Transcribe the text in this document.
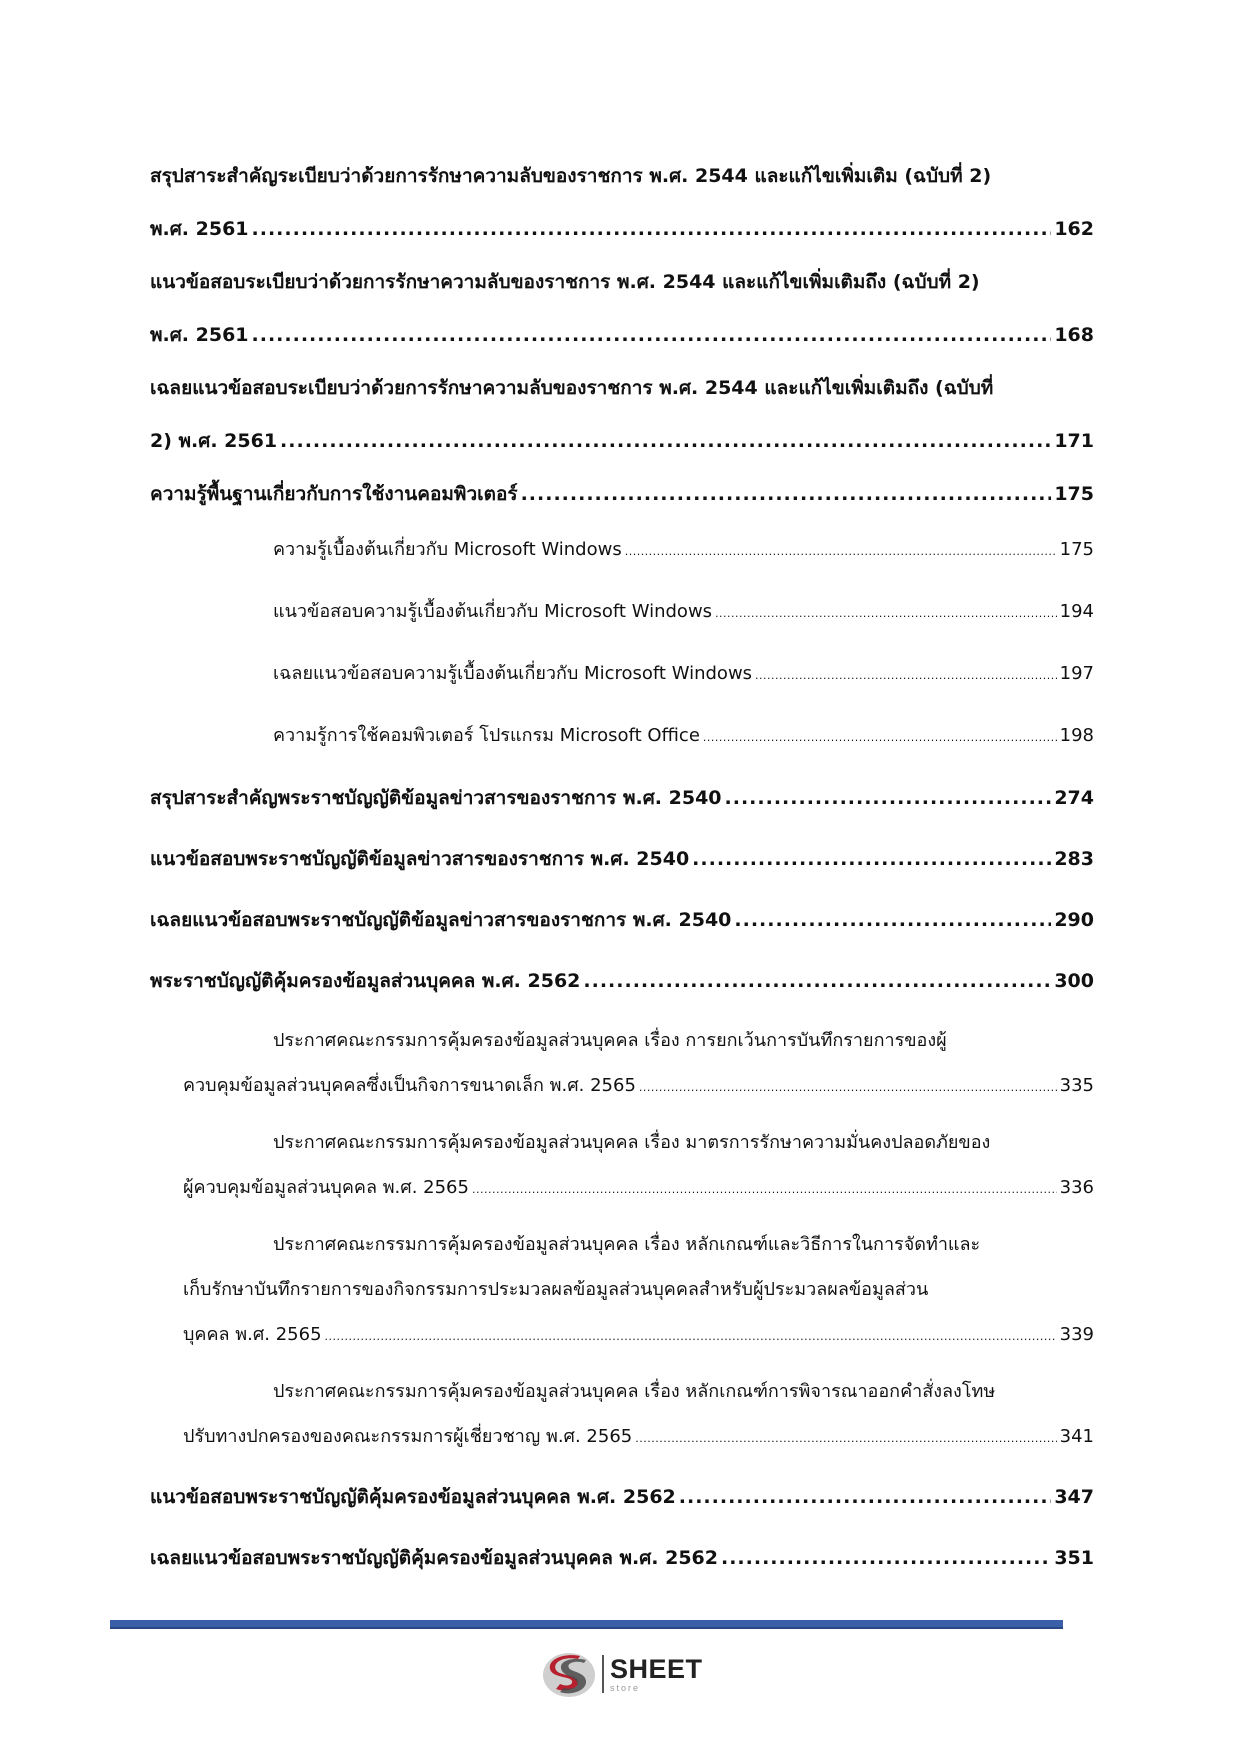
สรุปสาระสำคัญระเบียบว่าด้วยการรักษาความลับของราชการ พ.ศ. 2544 และแก้ไขเพิ่มเติม (ฉบับที่ 2)
พ.ศ. 2561 .....	162
แนวข้อสอบระเบียบว่าด้วยการรักษาความลับของราชการ พ.ศ. 2544 และแก้ไขเพิ่มเติมถึง (ฉบับที่ 2)
พ.ศ. 2561 .....	168
เฉลยแนวข้อสอบระเบียบว่าด้วยการรักษาความลับของราชการ พ.ศ. 2544 และแก้ไขเพิ่มเติมถึง (ฉบับที่
2) พ.ศ. 2561 .....	171
ความรู้พื้นฐานเกี่ยวกับการใช้งานคอมพิวเตอร์ .....	175
ความรู้เบื้องต้นเกี่ยวกับ Microsoft Windows .....	175
แนวข้อสอบความรู้เบื้องต้นเกี่ยวกับ Microsoft Windows .....	194
เฉลยแนวข้อสอบความรู้เบื้องต้นเกี่ยวกับ Microsoft Windows .....	197
ความรู้การใช้คอมพิวเตอร์ โปรแกรม Microsoft Office .....	198
สรุปสาระสำคัญพระราชบัญญัติข้อมูลข่าวสารของราชการ พ.ศ. 2540 .....	274
แนวข้อสอบพระราชบัญญัติข้อมูลข่าวสารของราชการ พ.ศ. 2540 .....	283
เฉลยแนวข้อสอบพระราชบัญญัติข้อมูลข่าวสารของราชการ พ.ศ. 2540 .....	290
พระราชบัญญัติคุ้มครองข้อมูลส่วนบุคคล พ.ศ. 2562 .....	300
ประกาศคณะกรรมการคุ้มครองข้อมูลส่วนบุคคล เรื่อง การยกเว้นการบันทึกรายการของผู้
ควบคุมข้อมูลส่วนบุคคลซึ่งเป็นกิจการขนาดเล็ก พ.ศ. 2565 .....	335
ประกาศคณะกรรมการคุ้มครองข้อมูลส่วนบุคคล เรื่อง มาตรการรักษาความมั่นคงปลอดภัยของ
ผู้ควบคุมข้อมูลส่วนบุคคล พ.ศ. 2565 .....	336
ประกาศคณะกรรมการคุ้มครองข้อมูลส่วนบุคคล เรื่อง หลักเกณฑ์และวิธีการในการจัดทำและ
เก็บรักษาบันทึกรายการของกิจกรรมการประมวลผลข้อมูลส่วนบุคคลสำหรับผู้ประมวลผลข้อมูลส่วน
บุคคล พ.ศ. 2565 .....	339
ประกาศคณะกรรมการคุ้มครองข้อมูลส่วนบุคคล เรื่อง หลักเกณฑ์การพิจารณาออกคำสั่งลงโทษ
ปรับทางปกครองของคณะกรรมการผู้เชี่ยวชาญ พ.ศ. 2565 .....	341
แนวข้อสอบพระราชบัญญัติคุ้มครองข้อมูลส่วนบุคคล พ.ศ. 2562 .....	347
เฉลยแนวข้อสอบพระราชบัญญัติคุ้มครองข้อมูลส่วนบุคคล พ.ศ. 2562 .....	351
SHEET
store
